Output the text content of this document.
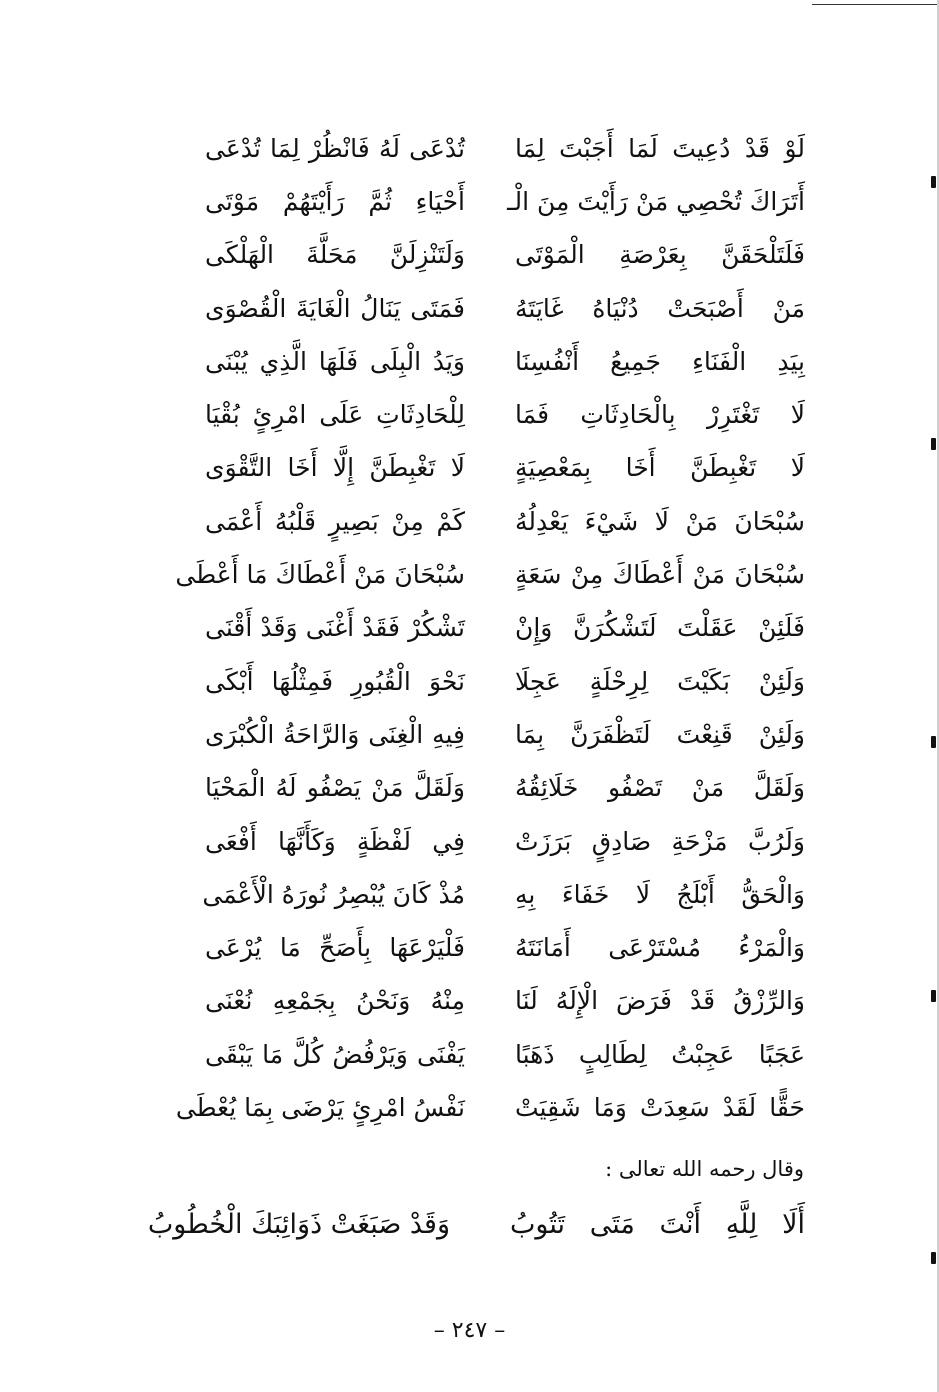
لَوْ قَدْ دُعِيتَ لَمَا أَجَبْتَ لِمَا
تُدْعَى لَهُ فَانْظُرْ لِمَا تُدْعَى
أَتَرَاكَ تُحْصِي مَنْ رَأَيْتَ مِنَ الْـ
أَحْيَاءِ ثُمَّ رَأَيْتَهُمْ مَوْتَى
فَلَتَلْحَقَنَّ بِعَرْصَةِ الْمَوْتَى
وَلَتَنْزِلَنَّ مَحَلَّةَ الْهَلْكَى
مَنْ أَصْبَحَتْ دُنْيَاهُ غَايَتَهُ
فَمَتَى يَنَالُ الْغَايَةَ الْقُصْوَى
بِيَدِ الْفَنَاءِ جَمِيعُ أَنْفُسِنَا
وَيَدُ الْبِلَى فَلَهَا الَّذِي يُبْنَى
لَا تَغْتَرِرْ بِالْحَادِثَاتِ فَمَا
لِلْحَادِثَاتِ عَلَى امْرِئٍ بُقْيَا
لَا تَغْبِطَنَّ أَخَا بِمَعْصِيَةٍ
لَا تَغْبِطَنَّ إِلَّا أَخَا التَّقْوَى
سُبْحَانَ مَنْ لَا شَيْءَ يَعْدِلُهُ
كَمْ مِنْ بَصِيرٍ قَلْبُهُ أَعْمَى
سُبْحَانَ مَنْ أَعْطَاكَ مِنْ سَعَةٍ
سُبْحَانَ مَنْ أَعْطَاكَ مَا أَعْطَى
فَلَئِنْ عَقَلْتَ لَتَشْكُرَنَّ وَإِنْ
تَشْكُرْ فَقَدْ أَغْنَى وَقَدْ أَقْنَى
وَلَئِنْ بَكَيْتَ لِرِحْلَةٍ عَجِلَا
نَحْوَ الْقُبُورِ فَمِثْلُهَا أَبْكَى
وَلَئِنْ قَنِعْتَ لَتَظْفَرَنَّ بِمَا
فِيهِ الْغِنَى وَالرَّاحَةُ الْكُبْرَى
وَلَقَلَّ مَنْ تَصْفُو خَلَائِقُهُ
وَلَقَلَّ مَنْ يَصْفُو لَهُ الْمَحْيَا
وَلَرُبَّ مَزْحَةِ صَادِقٍ بَرَزَتْ
فِي لَفْظَةٍ وَكَأَنَّهَا أَفْعَى
وَالْحَقُّ أَبْلَجُ لَا خَفَاءَ بِهِ
مُذْ كَانَ يُبْصِرُ نُورَهُ الْأَعْمَى
وَالْمَرْءُ مُسْتَرْعَى أَمَانَتَهُ
فَلْيَرْعَهَا بِأَصَحِّ مَا يُرْعَى
وَالرِّزْقُ قَدْ فَرَضَ الْإِلَهُ لَنَا
مِنْهُ وَنَحْنُ بِجَمْعِهِ نُعْنَى
عَجَبًا عَجِبْتُ لِطَالِبٍ ذَهَبًا
يَفْنَى وَيَرْفُضُ كُلَّ مَا يَبْقَى
حَقًّا لَقَدْ سَعِدَتْ وَمَا شَقِيَتْ
نَفْسُ امْرِئٍ يَرْضَى بِمَا يُعْطَى
وقال رحمه الله تعالى :
أَلَا لِلَّهِ أَنْتَ مَتَى تَتُوبُ
وَقَدْ صَبَغَتْ ذَوَائِبَكَ الْخُطُوبُ
– ٢٤٧ –
